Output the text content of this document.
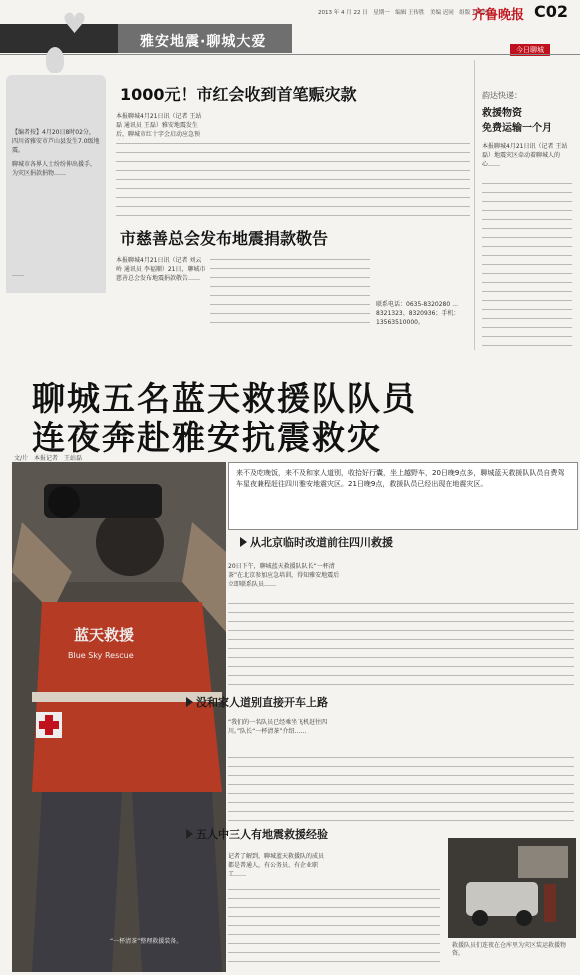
2013 年 4 月 22 日　星期一　编辑 王传胜　美编 迟同　组版 肖婷婷
齐鲁晚报 C02
雅安地震·聊城大爱
♥
今日聊城
【编者按】4月20日8时02分，四川省雅安市芦山县发生7.0级地震。
聊城市各界人士纷纷伸出援手，为灾区捐款捐物……
……
1000元！市红会收到首笔赈灾款
本报聊城4月21日讯（记者 王站磊 通讯员 王磊）雅安地震发生后，聊城市红十字会启动应急预
市慈善总会发布地震捐款敬告
本报聊城4月21日讯（记者 刘云岭 通讯员 李福顺）21日，聊城市慈善总会发布地震捐款敬告……
联系电话：0635-8320280 … 8321323、8320936；手机：13563510000。
韵达快递：
救援物资
免费运输一个月
本报聊城4月21日讯（记者 王站磊）地震灾区牵动着聊城人的心……
聊城五名蓝天救援队队员
连夜奔赴雅安抗震救灾
文/片　本报记者　王站磊
蓝天救援
Blue Sky Rescue
“一杯清茶”整理救援装备。
来不及吃晚饭，来不及和家人道别，收拾好行囊，坐上越野车，20日晚9点多，聊城蓝天救援队队员自费驾车星夜兼程赶往四川雅安地震灾区。21日晚9点，救援队员已经出现在地震灾区。
从北京临时改道前往四川救援
20日下午，聊城蓝天救援队队长“一杯清茶”在北京参加应急培训，得知雅安地震后立即联系队员……
没和家人道别直接开车上路
“我们的一名队员已经乘坐飞机赶往四川。”队长“一杯清茶”介绍……
五人中三人有地震救援经验
记者了解到，聊城蓝天救援队的成员都是普通人，有公务员、有企业职工……
救援队员们连夜在仓库里为灾区装运救援物资。
